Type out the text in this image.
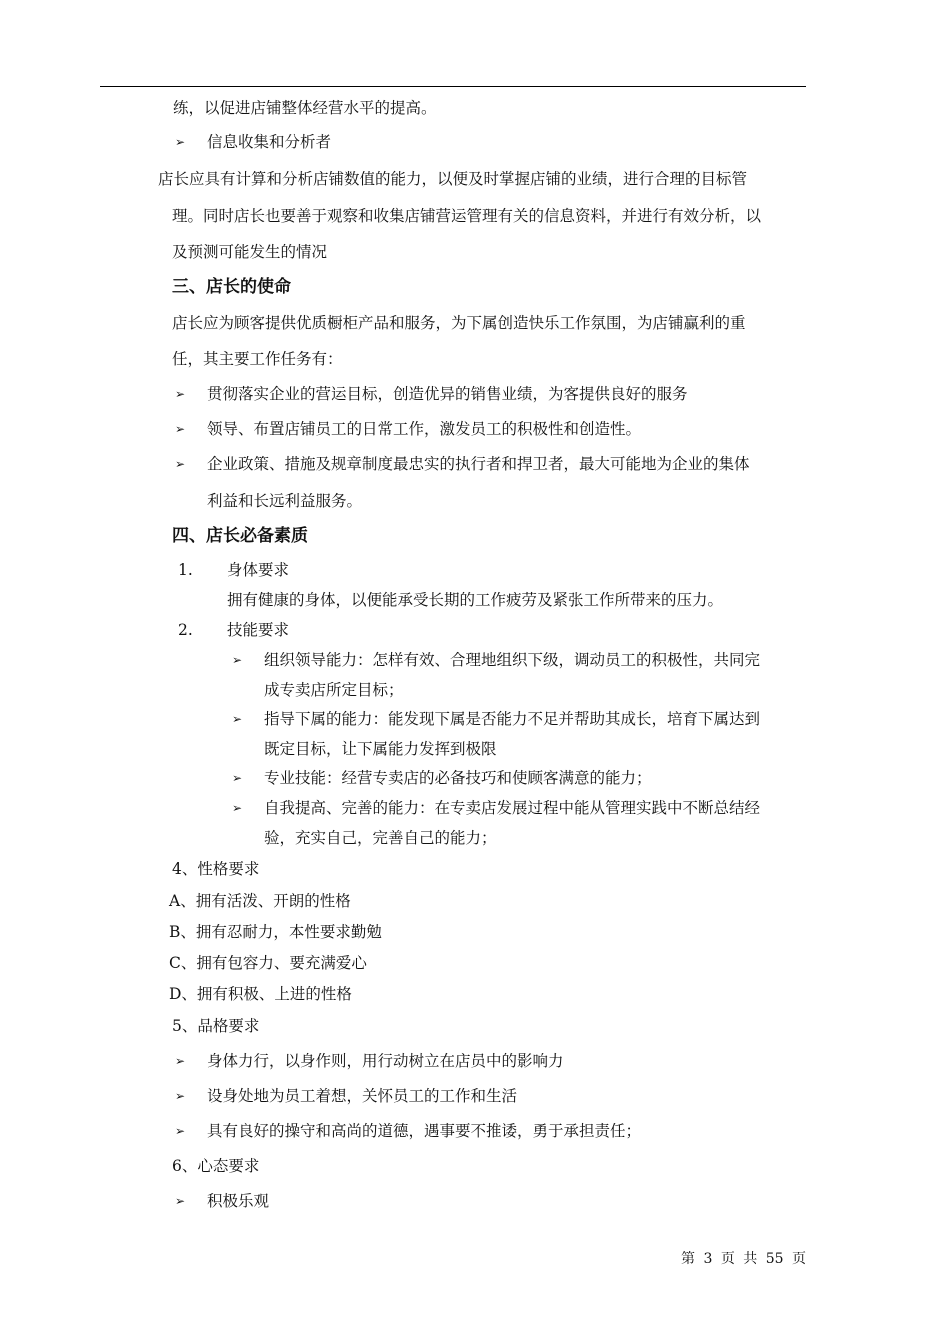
练，以促进店铺整体经营水平的提高。
➢ 信息收集和分析者
店长应具有计算和分析店铺数值的能力，以便及时掌握店铺的业绩，进行合理的目标管
理。同时店长也要善于观察和收集店铺营运管理有关的信息资料，并进行有效分析，以
及预测可能发生的情况
三、店长的使命
店长应为顾客提供优质橱柜产品和服务，为下属创造快乐工作氛围，为店铺赢利的重
任，其主要工作任务有：
➢ 贯彻落实企业的营运目标，创造优异的销售业绩，为客提供良好的服务
➢ 领导、布置店铺员工的日常工作，激发员工的积极性和创造性。
➢ 企业政策、措施及规章制度最忠实的执行者和捍卫者，最大可能地为企业的集体
利益和长远利益服务。
四、店长必备素质
1. 身体要求
拥有健康的身体，以便能承受长期的工作疲劳及紧张工作所带来的压力。
2. 技能要求
➢ 组织领导能力：怎样有效、合理地组织下级，调动员工的积极性，共同完
成专卖店所定目标；
➢ 指导下属的能力：能发现下属是否能力不足并帮助其成长，培育下属达到
既定目标，让下属能力发挥到极限
➢ 专业技能：经营专卖店的必备技巧和使顾客满意的能力；
➢ 自我提高、完善的能力：在专卖店发展过程中能从管理实践中不断总结经
验，充实自己，完善自己的能力；
4、性格要求
A、拥有活泼、开朗的性格
B、拥有忍耐力，本性要求勤勉
C、拥有包容力、要充满爱心
D、拥有积极、上进的性格
5、品格要求
➢ 身体力行，以身作则，用行动树立在店员中的影响力
➢ 设身处地为员工着想，关怀员工的工作和生活
➢ 具有良好的操守和高尚的道德，遇事要不推诿，勇于承担责任；
6、心态要求
➢ 积极乐观
第 3 页 共 55 页
